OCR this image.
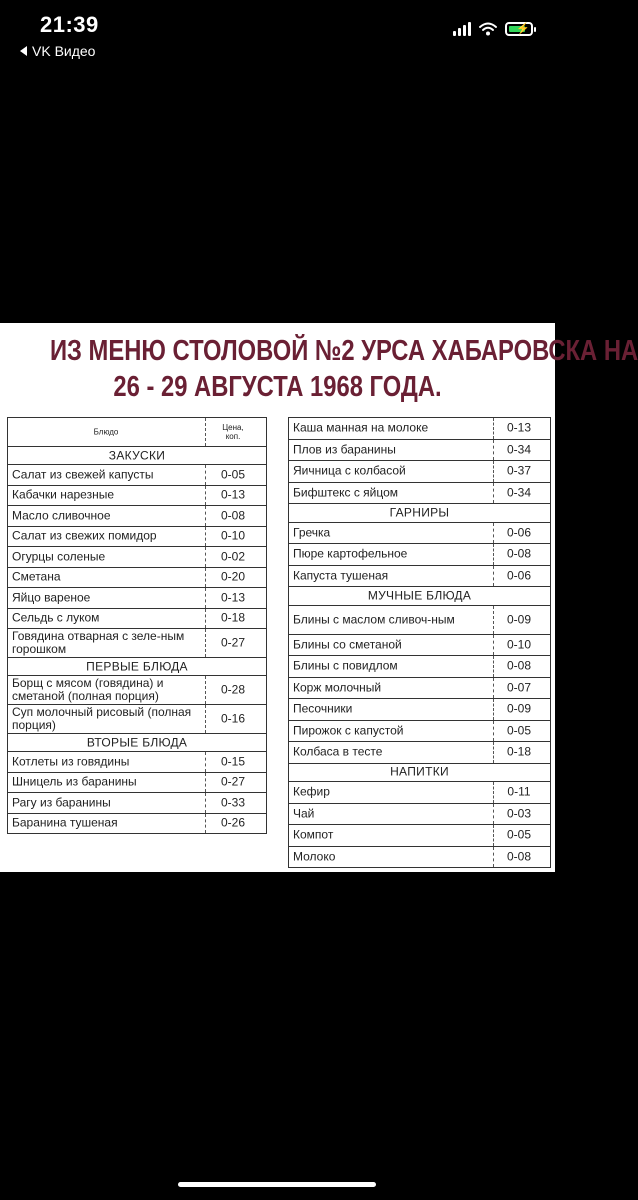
21:39
VK Видео
⚡
ИЗ МЕНЮ СТОЛОВОЙ №2 УРСА ХАБАРОВСКА НА
26 - 29 АВГУСТА 1968 ГОДА.
Блюдо	Цена,
коп.
ЗАКУСКИ
Салат из свежей капусты	0-05
Кабачки нарезные	0-13
Масло сливочное	0-08
Салат из свежих помидор	0-10
Огурцы соленые	0-02
Сметана	0-20
Яйцо вареное	0-13
Сельдь с луком	0-18
Говядина отварная с зеле-ным горошком	0-27
ПЕРВЫЕ БЛЮДА
Борщ с мясом (говядина) и сметаной (полная порция)	0-28
Суп молочный рисовый (полная порция)	0-16
ВТОРЫЕ БЛЮДА
Котлеты из говядины	0-15
Шницель из баранины	0-27
Рагу из баранины	0-33
Баранина тушеная	0-26
Каша манная на молоке	0-13
Плов из баранины	0-34
Яичница с колбасой	0-37
Бифштекс с яйцом	0-34
ГАРНИРЫ
Гречка	0-06
Пюре картофельное	0-08
Капуста тушеная	0-06
МУЧНЫЕ БЛЮДА
Блины с маслом сливоч-ным	0-09
Блины со сметаной	0-10
Блины с повидлом	0-08
Корж молочный	0-07
Песочники	0-09
Пирожок с капустой	0-05
Колбаса в тесте	0-18
НАПИТКИ
Кефир	0-11
Чай	0-03
Компот	0-05
Молоко	0-08
